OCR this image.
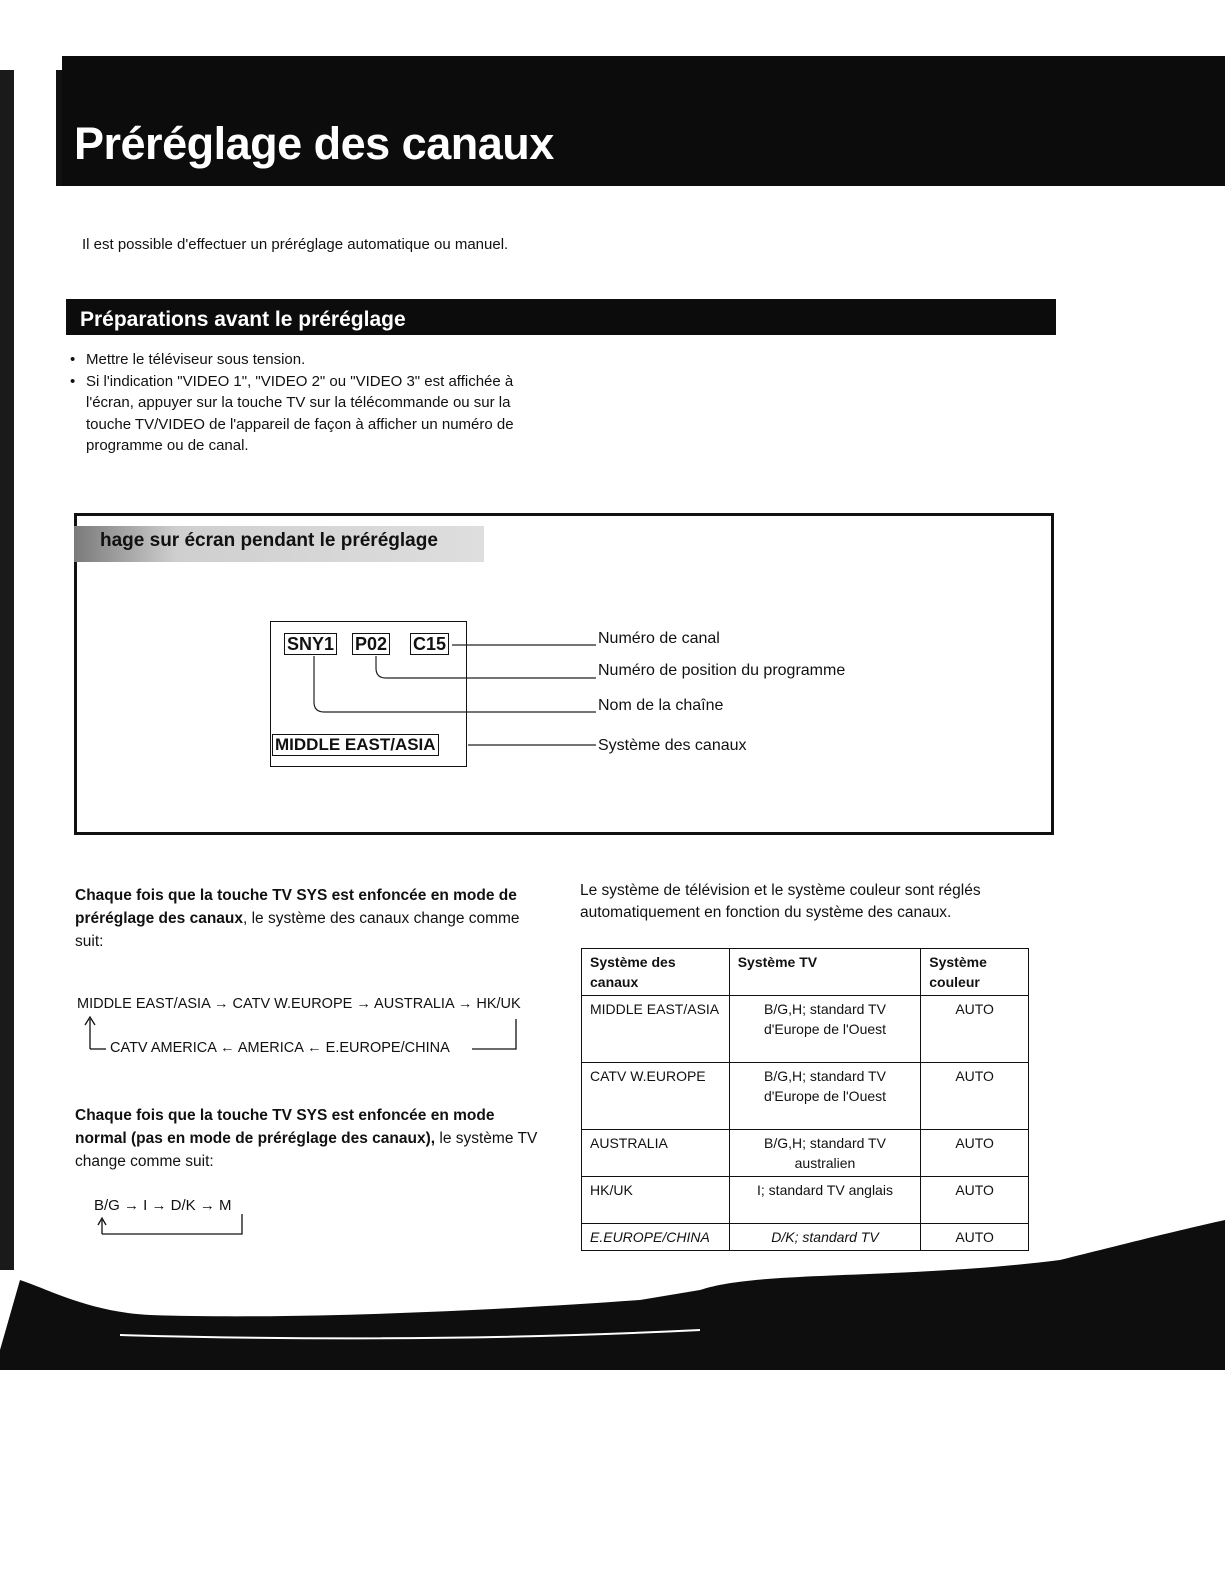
Préréglage des canaux
Il est possible d'effectuer un préréglage automatique ou manuel.
Préparations avant le préréglage
• Mettre le téléviseur sous tension.
• Si l'indication "VIDEO 1", "VIDEO 2" ou "VIDEO 3" est affichée à l'écran, appuyer sur la touche TV sur la télécommande ou sur la touche TV/VIDEO de l'appareil de façon à afficher un numéro de programme ou de canal.
hage sur écran pendant le préréglage
SNY1 P02 C15
MIDDLE EAST/ASIA
Numéro de canal
Numéro de position du programme
Nom de la chaîne
Système des canaux
Chaque fois que la touche TV SYS est enfoncée en mode de préréglage des canaux, le système des canaux change comme suit:
MIDDLE EAST/ASIA → CATV W.EUROPE → AUSTRALIA → HK/UK
CATV AMERICA ← AMERICA ← E.EUROPE/CHINA
Chaque fois que la touche TV SYS est enfoncée en mode normal (pas en mode de préréglage des canaux), le système TV change comme suit:
B/G → I → D/K → M
Le système de télévision et le système couleur sont réglés automatiquement en fonction du système des canaux.
Système des canaux	Système TV	Système couleur
MIDDLE EAST/ASIA	B/G,H; standard TV d'Europe de l'Ouest	AUTO
CATV W.EUROPE	B/G,H; standard TV d'Europe de l'Ouest	AUTO
AUSTRALIA	B/G,H; standard TV australien	AUTO
HK/UK	I; standard TV anglais	AUTO
E.EUROPE/CHINA	D/K; standard TV	AUTO
